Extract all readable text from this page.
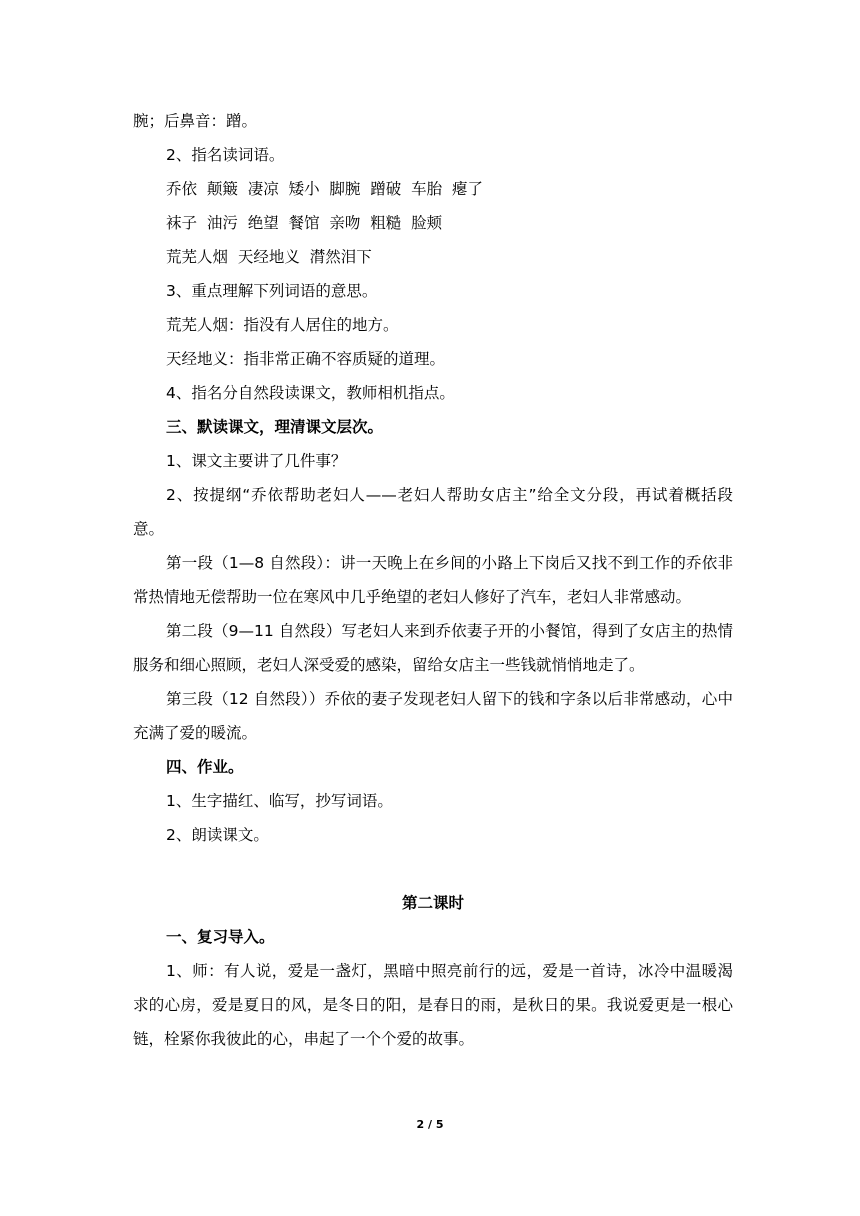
腕；后鼻音：蹭。

2、指名读词语。

乔依  颠簸  凄凉  矮小  脚腕  蹭破  车胎  瘪了

袜子  油污  绝望  餐馆  亲吻  粗糙  脸颊

荒芜人烟  天经地义  潸然泪下

3、重点理解下列词语的意思。

荒芜人烟：指没有人居住的地方。

天经地义：指非常正确不容质疑的道理。

4、指名分自然段读课文，教师相机指点。

三、默读课文，理清课文层次。

1、课文主要讲了几件事？

2、按提纲“乔依帮助老妇人——老妇人帮助女店主”给全文分段，再试着概括段意。

第一段（1—8 自然段）：讲一天晚上在乡间的小路上下岗后又找不到工作的乔依非常热情地无偿帮助一位在寒风中几乎绝望的老妇人修好了汽车，老妇人非常感动。

第二段（9—11 自然段）写老妇人来到乔依妻子开的小餐馆，得到了女店主的热情服务和细心照顾，老妇人深受爱的感染，留给女店主一些钱就悄悄地走了。

第三段（12 自然段））乔依的妻子发现老妇人留下的钱和字条以后非常感动，心中充满了爱的暖流。

四、作业。

1、生字描红、临写，抄写词语。

2、朗读课文。

第二课时

一、复习导入。

1、师：有人说，爱是一盏灯，黑暗中照亮前行的远，爱是一首诗，冰冷中温暖渴求的心房，爱是夏日的风，是冬日的阳，是春日的雨，是秋日的果。我说爱更是一根心链，栓紧你我彼此的心，串起了一个个爱的故事。

2 / 5
